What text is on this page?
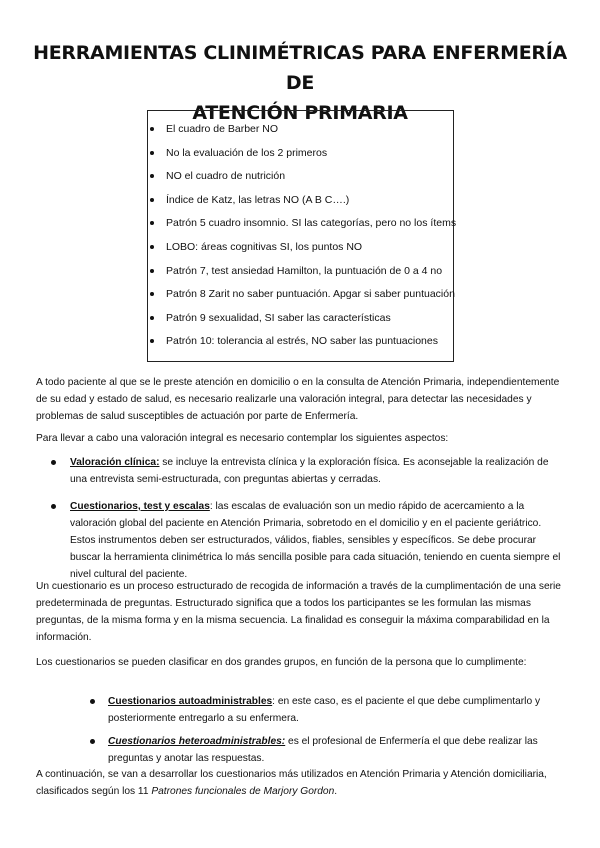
HERRAMIENTAS CLINIMÉTRICAS PARA ENFERMERÍA DE
ATENCIÓN PRIMARIA
El cuadro de Barber NO
No la evaluación de los 2 primeros
NO el cuadro de nutrición
Índice de Katz, las letras NO (A B C….)
Patrón 5 cuadro insomnio. SI las categorías, pero no los ítems
LOBO: áreas cognitivas SI, los puntos NO
Patrón 7, test ansiedad Hamilton, la puntuación de 0 a 4 no
Patrón 8 Zarit no saber puntuación. Apgar si saber puntuación
Patrón 9 sexualidad, SI saber las características
Patrón 10: tolerancia al estrés, NO saber las puntuaciones

A todo paciente al que se le preste atención en domicilio o en la consulta de Atención Primaria, independientemente de su edad y estado de salud, es necesario realizarle una valoración integral, para detectar las necesidades y problemas de salud susceptibles de actuación por parte de Enfermería.

Para llevar a cabo una valoración integral es necesario contemplar los siguientes aspectos:

Valoración clínica: se incluye la entrevista clínica y la exploración física. Es aconsejable la realización de una entrevista semi-estructurada, con preguntas abiertas y cerradas.
Cuestionarios, test y escalas: las escalas de evaluación son un medio rápido de acercamiento a la valoración global del paciente en Atención Primaria, sobretodo en el domicilio y en el paciente geriátrico. Estos instrumentos deben ser estructurados, válidos, fiables, sensibles y específicos. Se debe procurar buscar la herramienta clinimétrica lo más sencilla posible para cada situación, teniendo en cuenta siempre el nivel cultural del paciente.

Un cuestionario es un proceso estructurado de recogida de información a través de la cumplimentación de una serie predeterminada de preguntas. Estructurado significa que a todos los participantes se les formulan las mismas preguntas, de la misma forma y en la misma secuencia. La finalidad es conseguir la máxima comparabilidad en la información.

Los cuestionarios se pueden clasificar en dos grandes grupos, en función de la persona que lo cumplimente:

Cuestionarios autoadministrables: en este caso, es el paciente el que debe cumplimentarlo y posteriormente entregarlo a su enfermera.
Cuestionarios heteroadministrables: es el profesional de Enfermería el que debe realizar las preguntas y anotar las respuestas.

A continuación, se van a desarrollar los cuestionarios más utilizados en Atención Primaria y Atención domiciliaria, clasificados según los 11 Patrones funcionales de Marjory Gordon.
